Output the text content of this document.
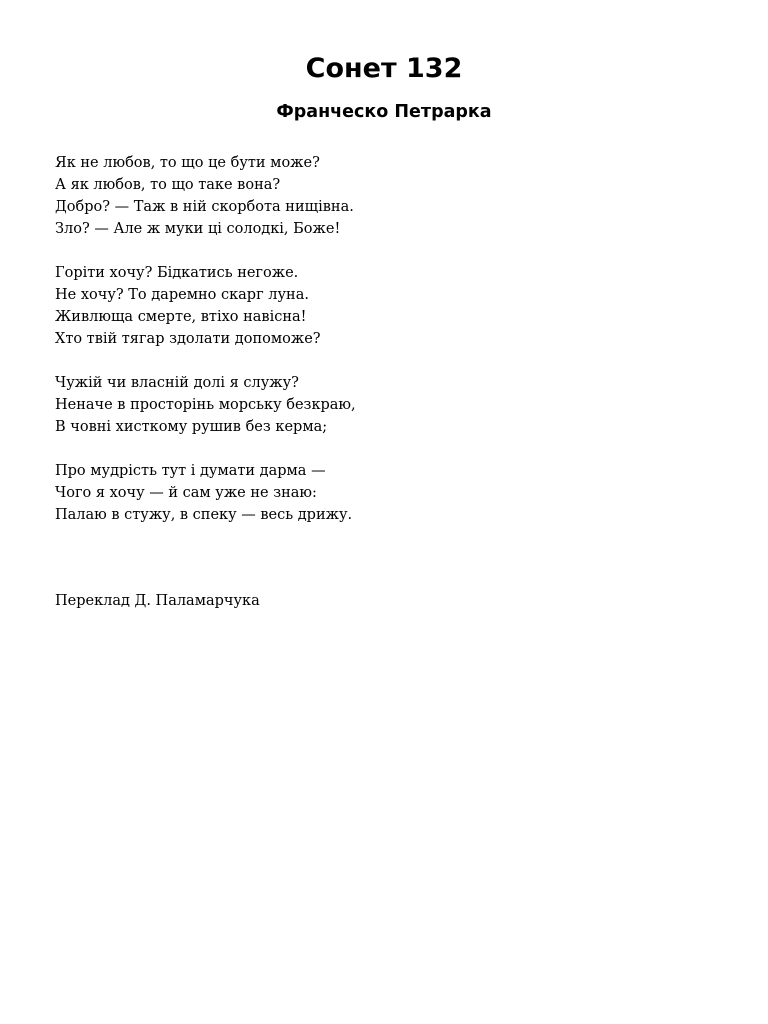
Сонет 132
Франческо Петрарка
Як не любов, то що це бути може?
А як любов, то що таке вона?
Добро? — Таж в ній скорбота нищівна.
Зло? — Але ж муки ці солодкі, Боже!
Горіти хочу? Бідкатись негоже.
Не хочу? То даремно скарг луна.
Живлюща смерте, втіхо навісна!
Хто твій тягар здолати допоможе?
Чужій чи власній долі я служу?
Неначе в просторінь морську безкраю,
В човні хисткому рушив без керма;
Про мудрість тут і думати дарма —
Чого я хочу — й сам уже не знаю:
Палаю в стужу, в спеку — весь дрижу.
Переклад Д. Паламарчука
